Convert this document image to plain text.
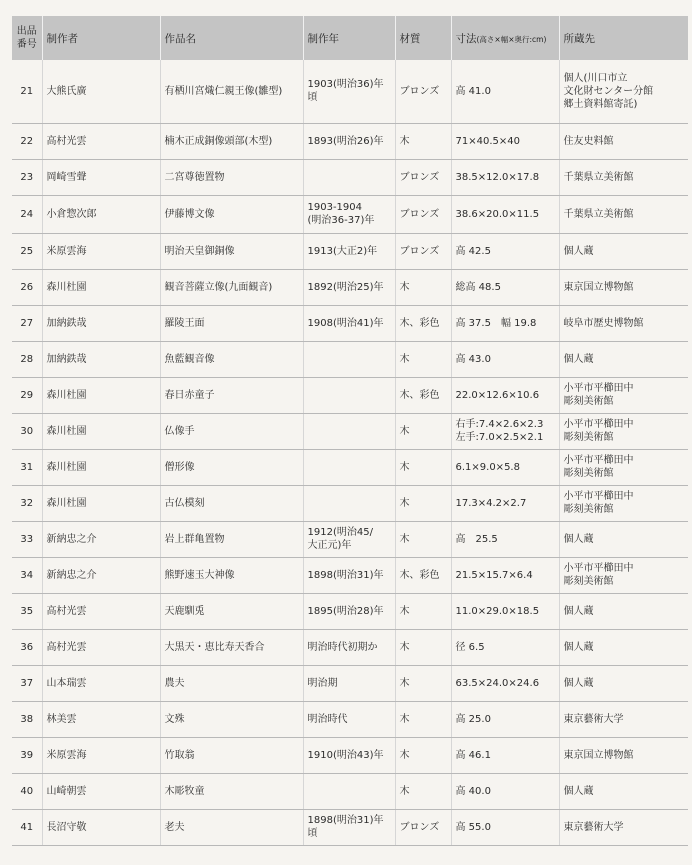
出品
番号	制作者	作品名	制作年	材質	寸法(高さ×幅×奥行:cm)	所蔵先
21	大熊氏廣	有栖川宮熾仁親王像(雛型)	1903(明治36)年頃	ブロンズ	高 41.0	個人(川口市立
文化財センター分館
郷土資料館寄託)
22	高村光雲	楠木正成銅像頭部(木型)	1893(明治26)年	木	71×40.5×40	住友史料館
23	岡崎雪聲	二宮尊徳置物		ブロンズ	38.5×12.0×17.8	千葉県立美術館
24	小倉惣次郎	伊藤博文像	1903-1904
(明治36-37)年	ブロンズ	38.6×20.0×11.5	千葉県立美術館
25	米原雲海	明治天皇御銅像	1913(大正2)年	ブロンズ	高 42.5	個人蔵
26	森川杜園	観音菩薩立像(九面観音)	1892(明治25)年	木	総高 48.5	東京国立博物館
27	加納鉄哉	羅陵王面	1908(明治41)年	木、彩色	高 37.5　幅 19.8	岐阜市歴史博物館
28	加納鉄哉	魚藍観音像		木	高 43.0	個人蔵
29	森川杜園	春日赤童子		木、彩色	22.0×12.6×10.6	小平市平櫛田中
彫刻美術館
30	森川杜園	仏像手		木	右手:7.4×2.6×2.3
左手:7.0×2.5×2.1	小平市平櫛田中
彫刻美術館
31	森川杜園	僧形像		木	6.1×9.0×5.8	小平市平櫛田中
彫刻美術館
32	森川杜園	古仏模刻		木	17.3×4.2×2.7	小平市平櫛田中
彫刻美術館
33	新納忠之介	岩上群亀置物	1912(明治45/
大正元)年	木	高　25.5	個人蔵
34	新納忠之介	熊野速玉大神像	1898(明治31)年	木、彩色	21.5×15.7×6.4	小平市平櫛田中
彫刻美術館
35	高村光雲	天鹿馴兎	1895(明治28)年	木	11.0×29.0×18.5	個人蔵
36	高村光雲	大黒天・恵比寿天香合	明治時代初期か	木	径 6.5	個人蔵
37	山本瑞雲	農夫	明治期	木	63.5×24.0×24.6	個人蔵
38	林美雲	文殊	明治時代	木	高 25.0	東京藝術大学
39	米原雲海	竹取翁	1910(明治43)年	木	高 46.1	東京国立博物館
40	山崎朝雲	木彫牧童		木	高 40.0	個人蔵
41	長沼守敬	老夫	1898(明治31)年頃	ブロンズ	高 55.0	東京藝術大学
